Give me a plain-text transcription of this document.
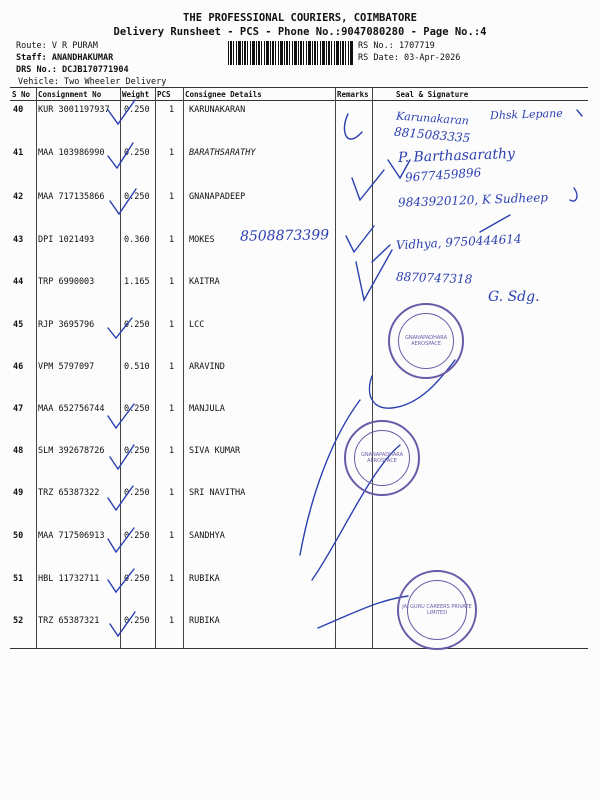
THE PROFESSIONAL COURIERS, COIMBATORE
Delivery Runsheet - PCS - Phone No.:9047080280 - Page No.:4
Route: V R PURAM
Staff: ANANDHAKUMAR
DRS No.: DCJB170771904
Vehicle: Two Wheeler Delivery
RS No.: 1707719
RS Date: 03-Apr-2026
S No Consignment No	Weight PCS Consignee Details	Remarks	Seal & Signature
40 KUR 3001197937 0.250 1 KARUNAKARAN
41 MAA 103986990 0.250 1 BARATHSARATHY
42 MAA 717135866 0.250 1 GNANAPADEEP
43 DPI 1021493	0.360 1 MOKES
44 TRP 6990003	1.165 1 KAITRA
45 RJP 3695796	0.250 1 LCC
46 VPM 5797097	0.510 1 ARAVIND
47 MAA 652756744 0.250 1 MANJULA
48 SLM 392678726 0.250 1 SIVA KUMAR
49 TRZ 65387322	0.250 1 SRI NAVITHA
50 MAA 717506913 0.250 1 SANDHYA
51 HBL 11732711	0.250 1 RUBIKA
52 TRZ 65387321	0.250 1 RUBIKA
Karunakaran Dhsk Lepane
8815083335
P. Barthasarathy
9677459896
9843920120, K Sudheep
8508873399	Vidhya, 9750444614
8870747318
G. Sdg.
GNANAPADHARA AEROSPACE
GNANAPADHARA AEROSPACE
JAI GURU CAREERS PRIVATE LIMITED
